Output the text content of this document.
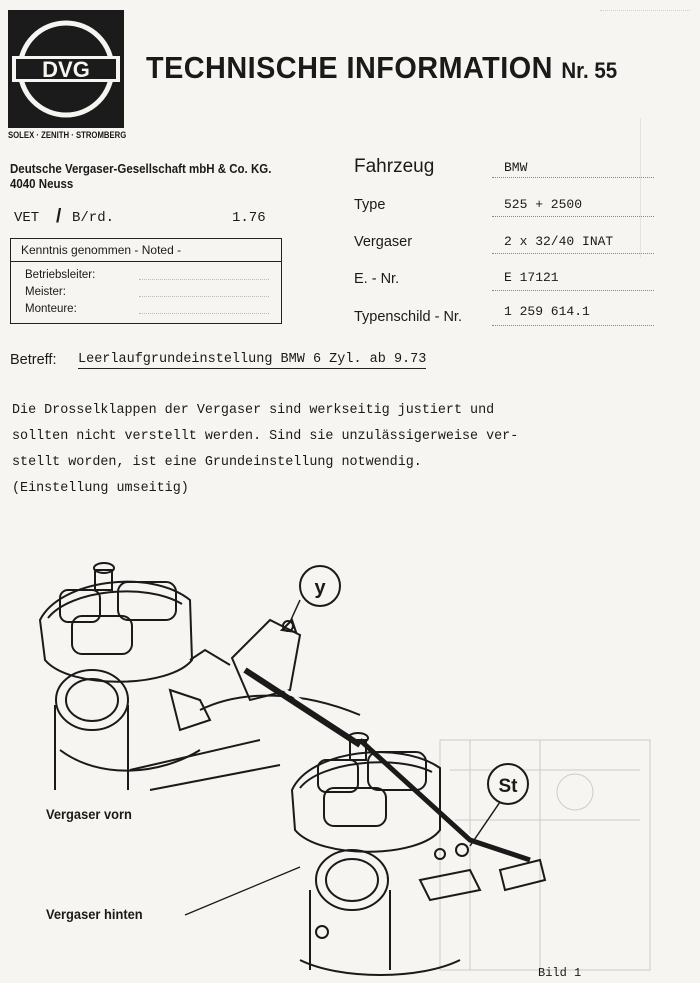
DVG
SOLEX · ZENITH · STROMBERG
TECHNISCHE INFORMATION Nr. 55
Deutsche Vergaser-Gesellschaft mbH & Co. KG.
4040 Neuss
VET / B/rd.	1.76
Kenntnis genommen - Noted -
Betriebsleiter:
Meister:
Monteure:
Fahrzeug	BMW
Type	525 + 2500
Vergaser	2 x 32/40 INAT
E. - Nr.	E 17121
Typenschild - Nr.	1 259 614.1
Betreff: Leerlaufgrundeinstellung BMW 6 Zyl. ab 9.73
Die Drosselklappen der Vergaser sind werkseitig justiert und
sollten nicht verstellt werden. Sind sie unzulässigerweise ver-
stellt worden, ist eine Grundeinstellung notwendig.
(Einstellung umseitig)
y
St
Vergaser vorn
Vergaser hinten
Bild 1
